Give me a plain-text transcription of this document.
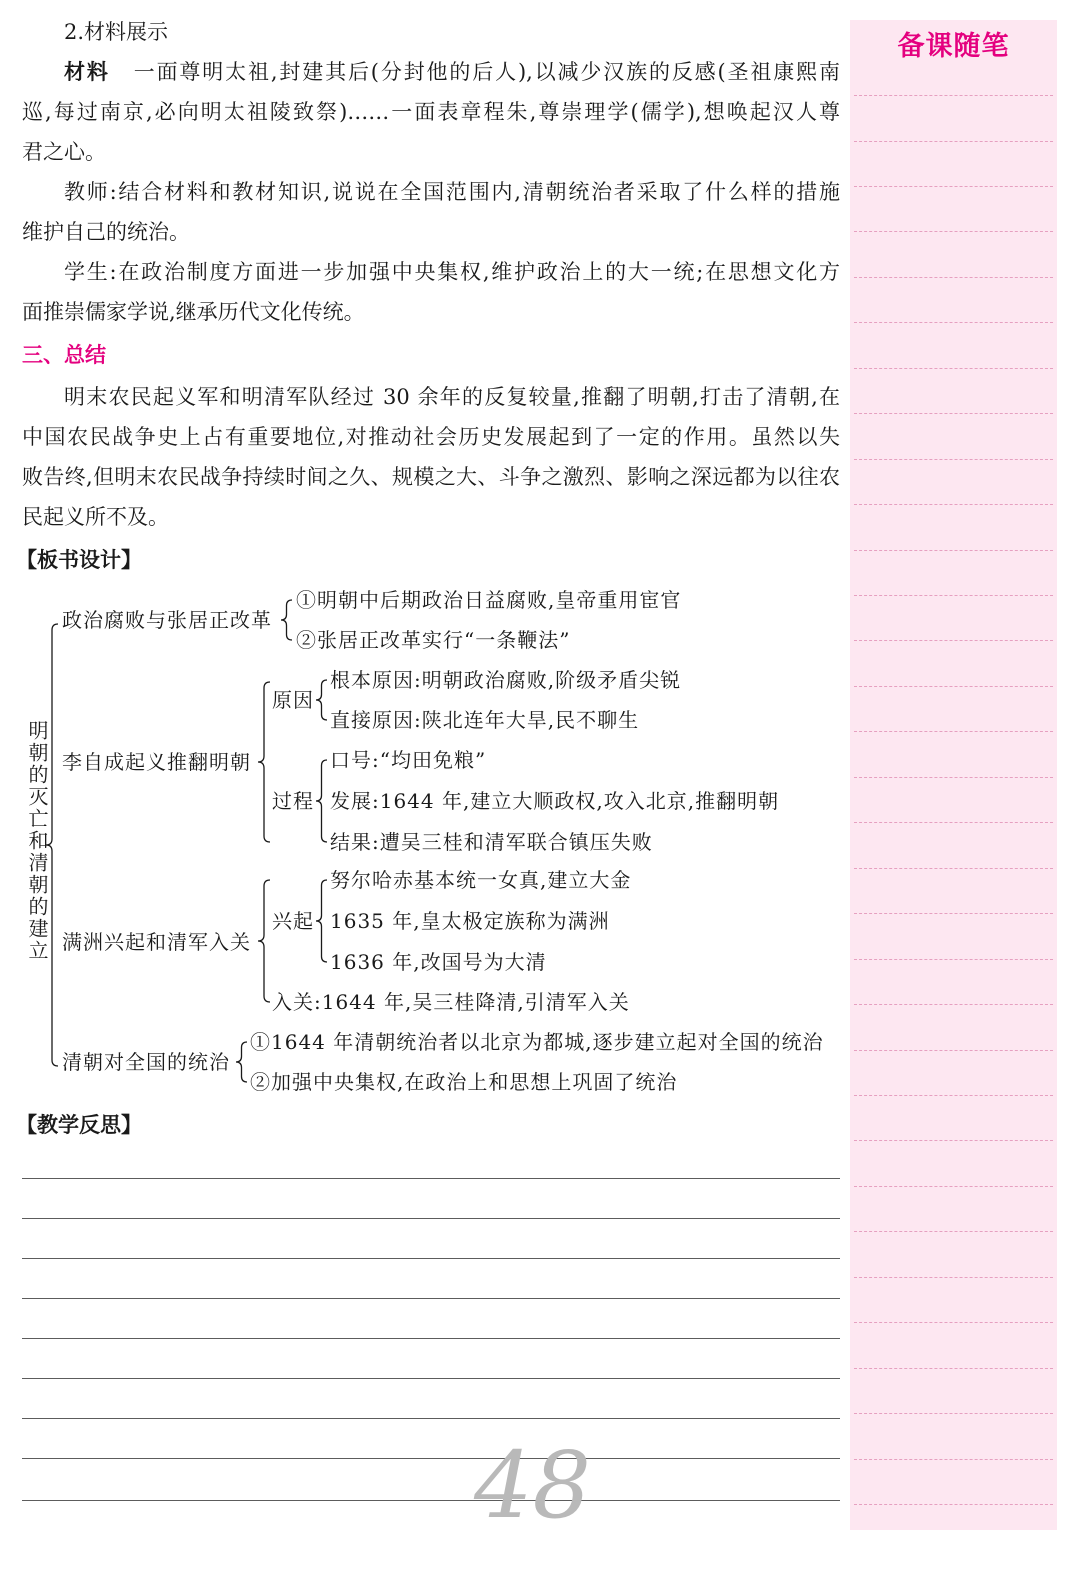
2.材料展示
材料 一面尊明太祖,封建其后(分封他的后人),以减少汉族的反感(圣祖康熙南
巡,每过南京,必向明太祖陵致祭)……一面表章程朱,尊崇理学(儒学),想唤起汉人尊
君之心。
教师:结合材料和教材知识,说说在全国范围内,清朝统治者采取了什么样的措施
维护自己的统治。
学生:在政治制度方面进一步加强中央集权,维护政治上的大一统;在思想文化方
面推崇儒家学说,继承历代文化传统。
三、总结
明末农民起义军和明清军队经过 30 余年的反复较量,推翻了明朝,打击了清朝,在
中国农民战争史上占有重要地位,对推动社会历史发展起到了一定的作用。虽然以失
败告终,但明末农民战争持续时间之久、规模之大、斗争之激烈、影响之深远都为以往农
民起义所不及。
【板书设计】
明朝的灭亡和清朝的建立
政治腐败与张居正改革
①明朝中后期政治日益腐败,皇帝重用宦官
②张居正改革实行“一条鞭法”
李自成起义推翻明朝
原因
根本原因:明朝政治腐败,阶级矛盾尖锐
直接原因:陕北连年大旱,民不聊生
过程
口号:“均田免粮”
发展:1644 年,建立大顺政权,攻入北京,推翻明朝
结果:遭吴三桂和清军联合镇压失败
满洲兴起和清军入关
兴起
努尔哈赤基本统一女真,建立大金
1635 年,皇太极定族称为满洲
1636 年,改国号为大清
入关:1644 年,吴三桂降清,引清军入关
清朝对全国的统治
①1644 年清朝统治者以北京为都城,逐步建立起对全国的统治
②加强中央集权,在政治上和思想上巩固了统治
【教学反思】
48
备课随笔
